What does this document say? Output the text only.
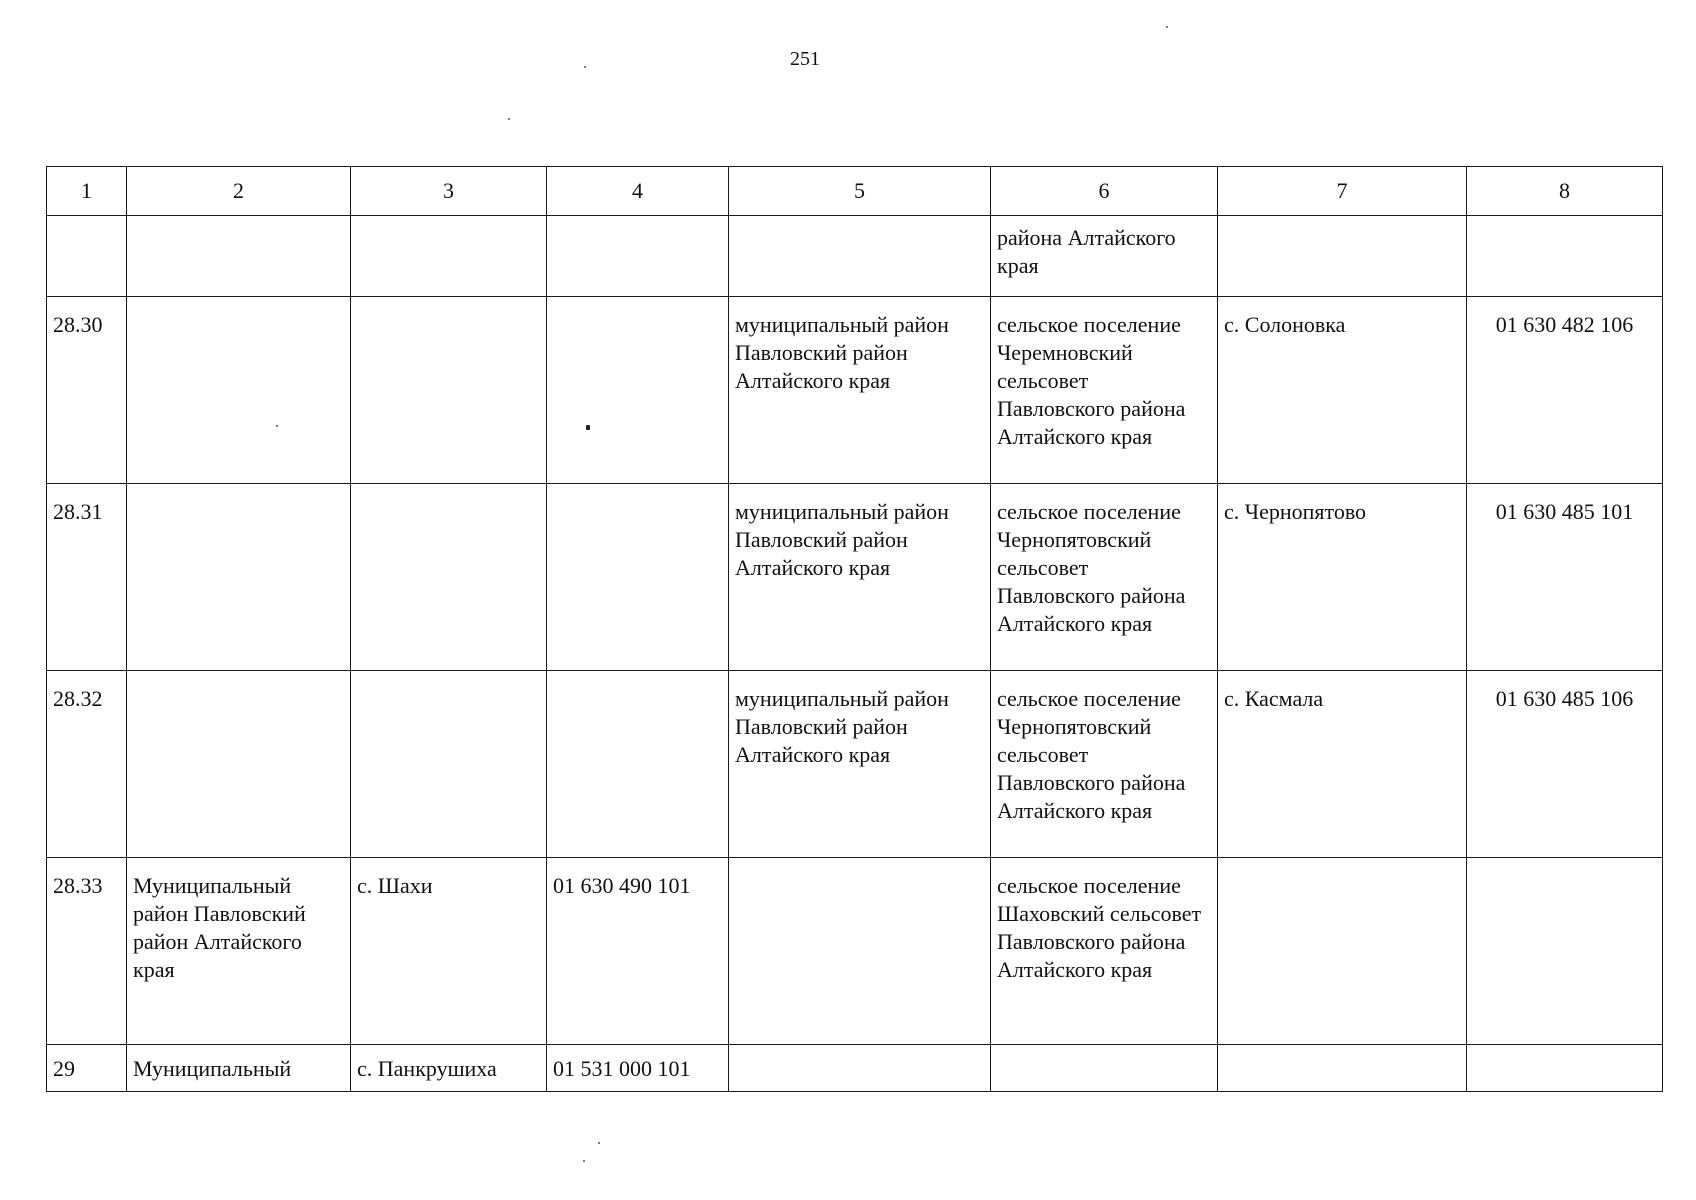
251
1	2	3	4	5	6	7	8
					района Алтайского края		
28.30				муниципальный район Павловский район Алтайского края	сельское поселение Черемновский сельсовет Павловского района Алтайского края	с. Солоновка	01 630 482 106
28.31				муниципальный район Павловский район Алтайского края	сельское поселение Чернопятовский сельсовет Павловского района Алтайского края	с. Чернопятово	01 630 485 101
28.32				муниципальный район Павловский район Алтайского края	сельское поселение Чернопятовский сельсовет Павловского района Алтайского края	с. Касмала	01 630 485 106
28.33	Муниципальный район Павловский район Алтайского края	с. Шахи	01 630 490 101		сельское поселение Шаховский сельсовет Павловского района Алтайского края		
29	Муниципальный	с. Панкрушиха	01 531 000 101				
